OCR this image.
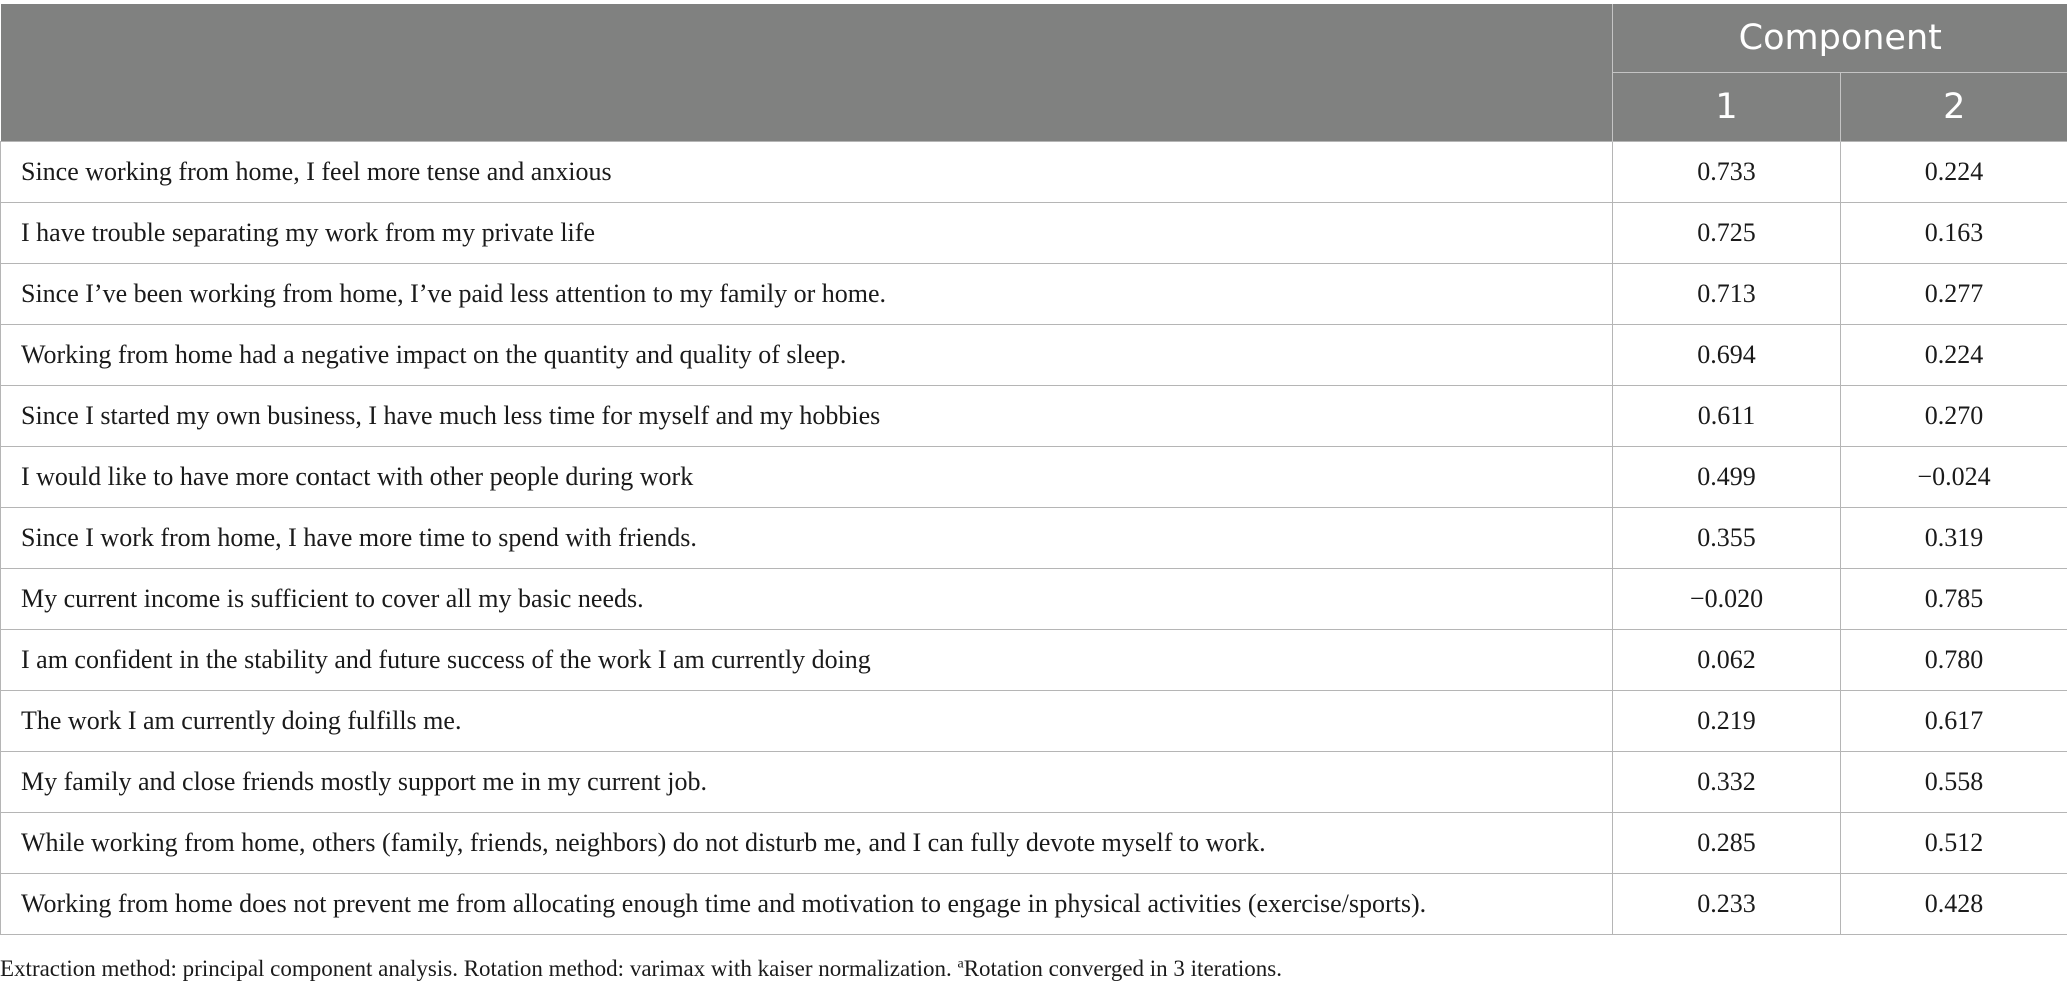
	Component	
	1	2
Since working from home, I feel more tense and anxious	0.733	0.224
I have trouble separating my work from my private life	0.725	0.163
Since I’ve been working from home, I’ve paid less attention to my family or home.	0.713	0.277
Working from home had a negative impact on the quantity and quality of sleep.	0.694	0.224
Since I started my own business, I have much less time for myself and my hobbies	0.611	0.270
I would like to have more contact with other people during work	0.499	−0.024
Since I work from home, I have more time to spend with friends.	0.355	0.319
My current income is sufficient to cover all my basic needs.	−0.020	0.785
I am confident in the stability and future success of the work I am currently doing	0.062	0.780
The work I am currently doing fulfills me.	0.219	0.617
My family and close friends mostly support me in my current job.	0.332	0.558
While working from home, others (family, friends, neighbors) do not disturb me, and I can fully devote myself to work.	0.285	0.512
Working from home does not prevent me from allocating enough time and motivation to engage in physical activities (exercise/sports).	0.233	0.428
Extraction method: principal component analysis. Rotation method: varimax with kaiser normalization. $^a$Rotation converged in 3 iterations.
